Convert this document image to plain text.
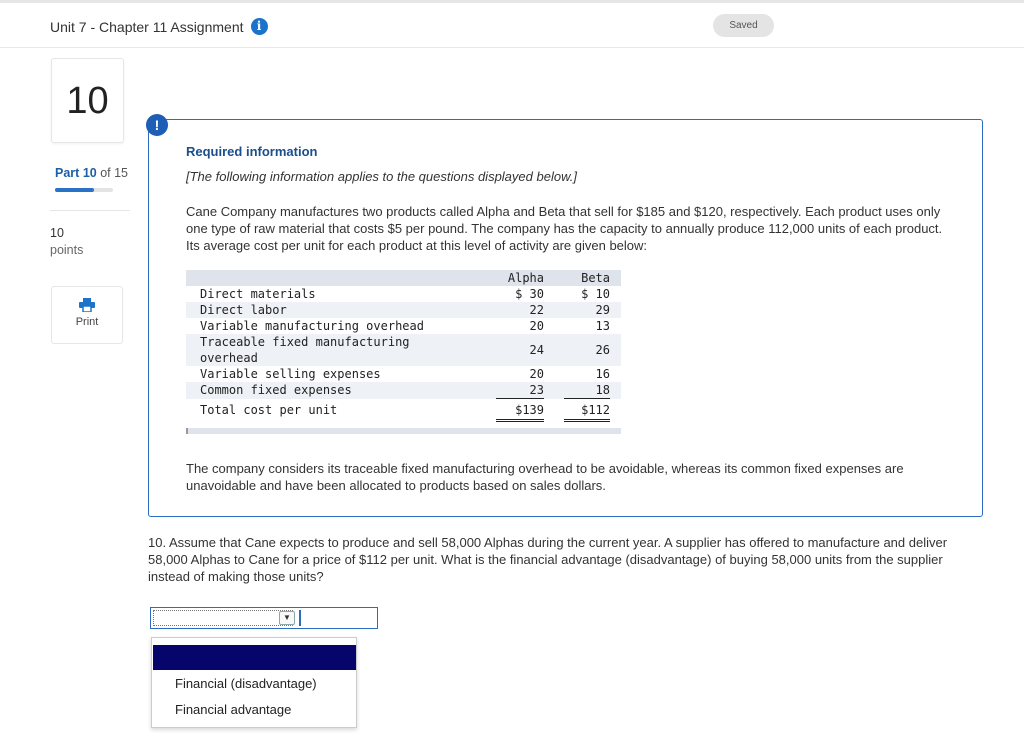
Unit 7 - Chapter 11 Assignment	i	Saved
10
Part 10 of 15
10
points
Print
!
Required information
[The following information applies to the questions displayed below.]
Cane Company manufactures two products called Alpha and Beta that sell for $185 and $120, respectively. Each product uses only one type of raw material that costs $5 per pound. The company has the capacity to annually produce 112,000 units of each product. Its average cost per unit for each product at this level of activity are given below:
Alpha	Beta
Direct materials	$ 30	$ 10
Direct labor	22	29
Variable manufacturing overhead	20	13
Traceable fixed manufacturing
overhead
24	26
Variable selling expenses	20	16
Common fixed expenses	23	18
Total cost per unit	$139	$112
The company considers its traceable fixed manufacturing overhead to be avoidable, whereas its common fixed expenses are unavoidable and have been allocated to products based on sales dollars.
10. Assume that Cane expects to produce and sell 58,000 Alphas during the current year. A supplier has offered to manufacture and deliver 58,000 Alphas to Cane for a price of $112 per unit. What is the financial advantage (disadvantage) of buying 58,000 units from the supplier instead of making those units?
▼
Financial (disadvantage)
Financial advantage
